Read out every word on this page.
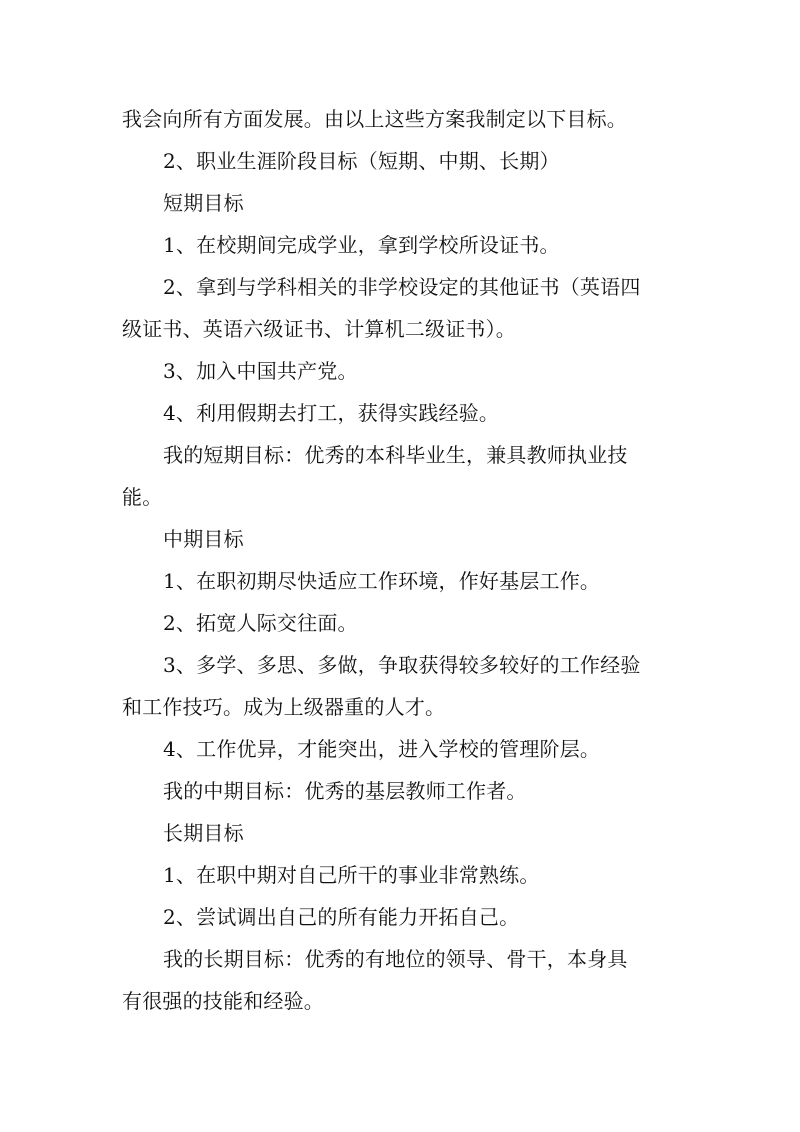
我会向所有方面发展。由以上这些方案我制定以下目标。
2、职业生涯阶段目标（短期、中期、长期）
短期目标
1、在校期间完成学业，拿到学校所设证书。
2、拿到与学科相关的非学校设定的其他证书（英语四
级证书、英语六级证书、计算机二级证书）。
3、加入中国共产党。
4、利用假期去打工，获得实践经验。
我的短期目标：优秀的本科毕业生，兼具教师执业技
能。
中期目标
1、在职初期尽快适应工作环境，作好基层工作。
2、拓宽人际交往面。
3、多学、多思、多做，争取获得较多较好的工作经验
和工作技巧。成为上级器重的人才。
4、工作优异，才能突出，进入学校的管理阶层。
我的中期目标：优秀的基层教师工作者。
长期目标
1、在职中期对自己所干的事业非常熟练。
2、尝试调出自己的所有能力开拓自己。
我的长期目标：优秀的有地位的领导、骨干，本身具
有很强的技能和经验。
